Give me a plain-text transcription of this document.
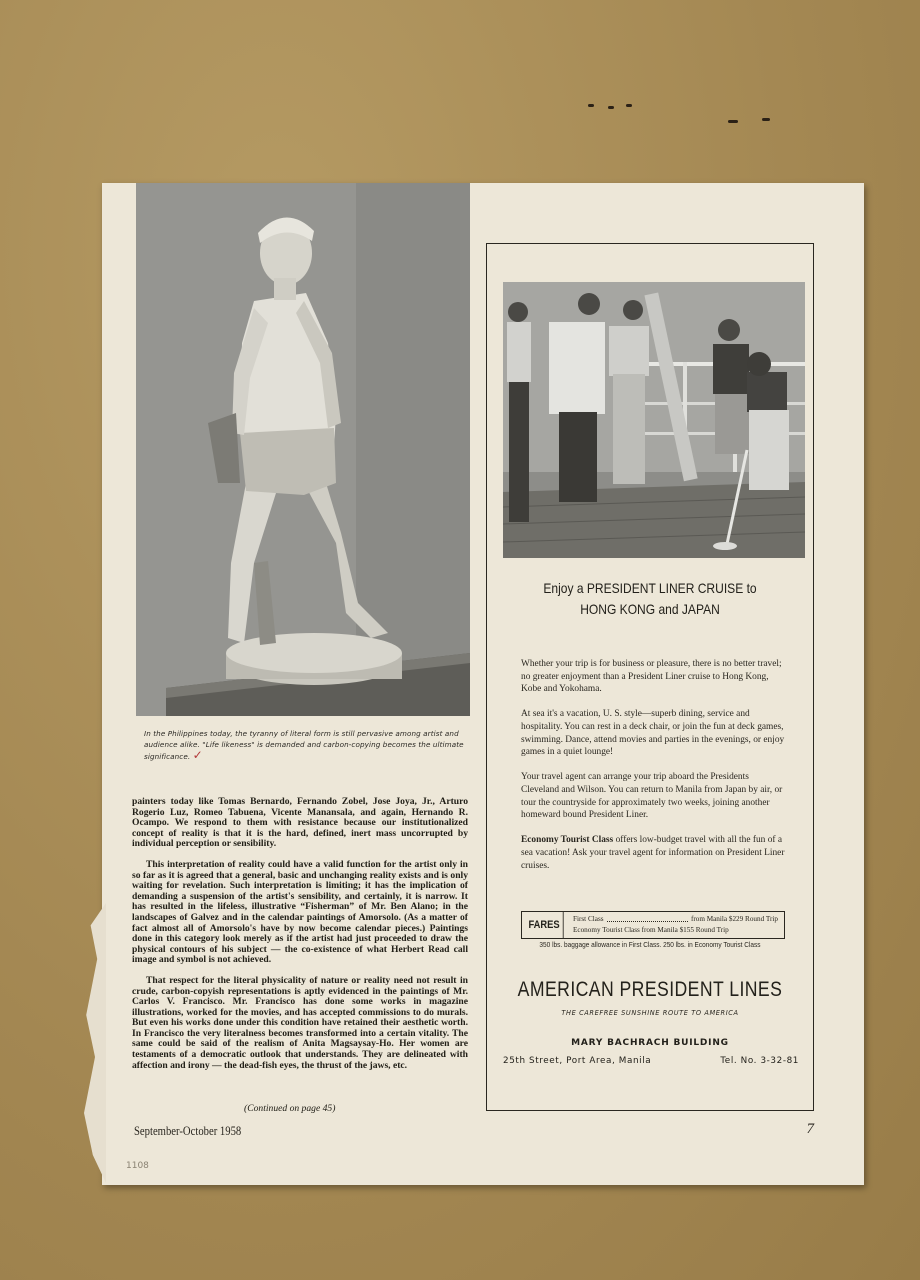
In the Philippines today, the tyranny of literal form is still pervasive among artist and audience alike. "Life likeness" is demanded and carbon-copying becomes the ultimate significance. ✓

painters today like Tomas Bernardo, Fernando Zobel, Jose Joya, Jr., Arturo Rogerio Luz, Romeo Tabuena, Vicente Manansala, and again, Hernando R. Ocampo. We respond to them with resistance because our institutionalized concept of reality is that it is the hard, defined, inert mass uncorrupted by individual perception or sensibility.

This interpretation of reality could have a valid function for the artist only in so far as it is agreed that a general, basic and unchanging reality exists and is only waiting for revelation. Such interpretation is limiting; it has the implication of demanding a suspension of the artist's sensibility, and certainly, it is narrow. It has resulted in the lifeless, illustrative “Fisherman” of Mr. Ben Alano; in the landscapes of Galvez and in the calendar paintings of Amorsolo. (As a matter of fact almost all of Amorsolo's have by now become calendar pieces.) Paintings done in this category look merely as if the artist had just proceeded to draw the physical contours of his subject — the co-existence of what Herbert Read call image and symbol is not achieved.

That respect for the literal physicality of nature or reality need not result in crude, carbon-copyish representations is aptly evidenced in the paintings of Mr. Carlos V. Francisco. Mr. Francisco has done some works in magazine illustrations, worked for the movies, and has accepted commissions to do murals. But even his works done under this condition have retained their aesthetic worth. In Francisco the very literalness becomes transformed into a certain vitality. The same could be said of the realism of Anita Magsaysay-Ho. Her women are testaments of a democratic outlook that understands. They are delineated with affection and irony — the dead-fish eyes, the thrust of the jaws, etc.

(Continued on page 45)
September-October 1958	7
1108
Enjoy a PRESIDENT LINER CRUISE to
HONG KONG and JAPAN

Whether your trip is for business or pleasure, there is no better travel; no greater enjoyment than a President Liner cruise to Hong Kong, Kobe and Yokohama.

At sea it's a vacation, U. S. style—superb dining, service and hospitality. You can rest in a deck chair, or join the fun at deck games, swimming. Dance, attend movies and parties in the evenings, or enjoy games in a quiet lounge!

Your travel agent can arrange your trip aboard the Presidents Cleveland and Wilson. You can return to Manila from Japan by air, or tour the countryside for approximately two weeks, joining another homeward bound President Liner.

Economy Tourist Class offers low-budget travel with all the fun of a sea vacation! Ask your travel agent for information on President Liner cruises.

FARES	First Class	from Manila $229 Round Trip
Economy Tourist Class from Manila $155 Round Trip
350 lbs. baggage allowance in First Class. 250 lbs. in Economy Tourist Class
AMERICAN PRESIDENT LINES
THE CAREFREE SUNSHINE ROUTE TO AMERICA
MARY BACHRACH BUILDING
25th Street, Port Area, Manila	Tel. No. 3-32-81
